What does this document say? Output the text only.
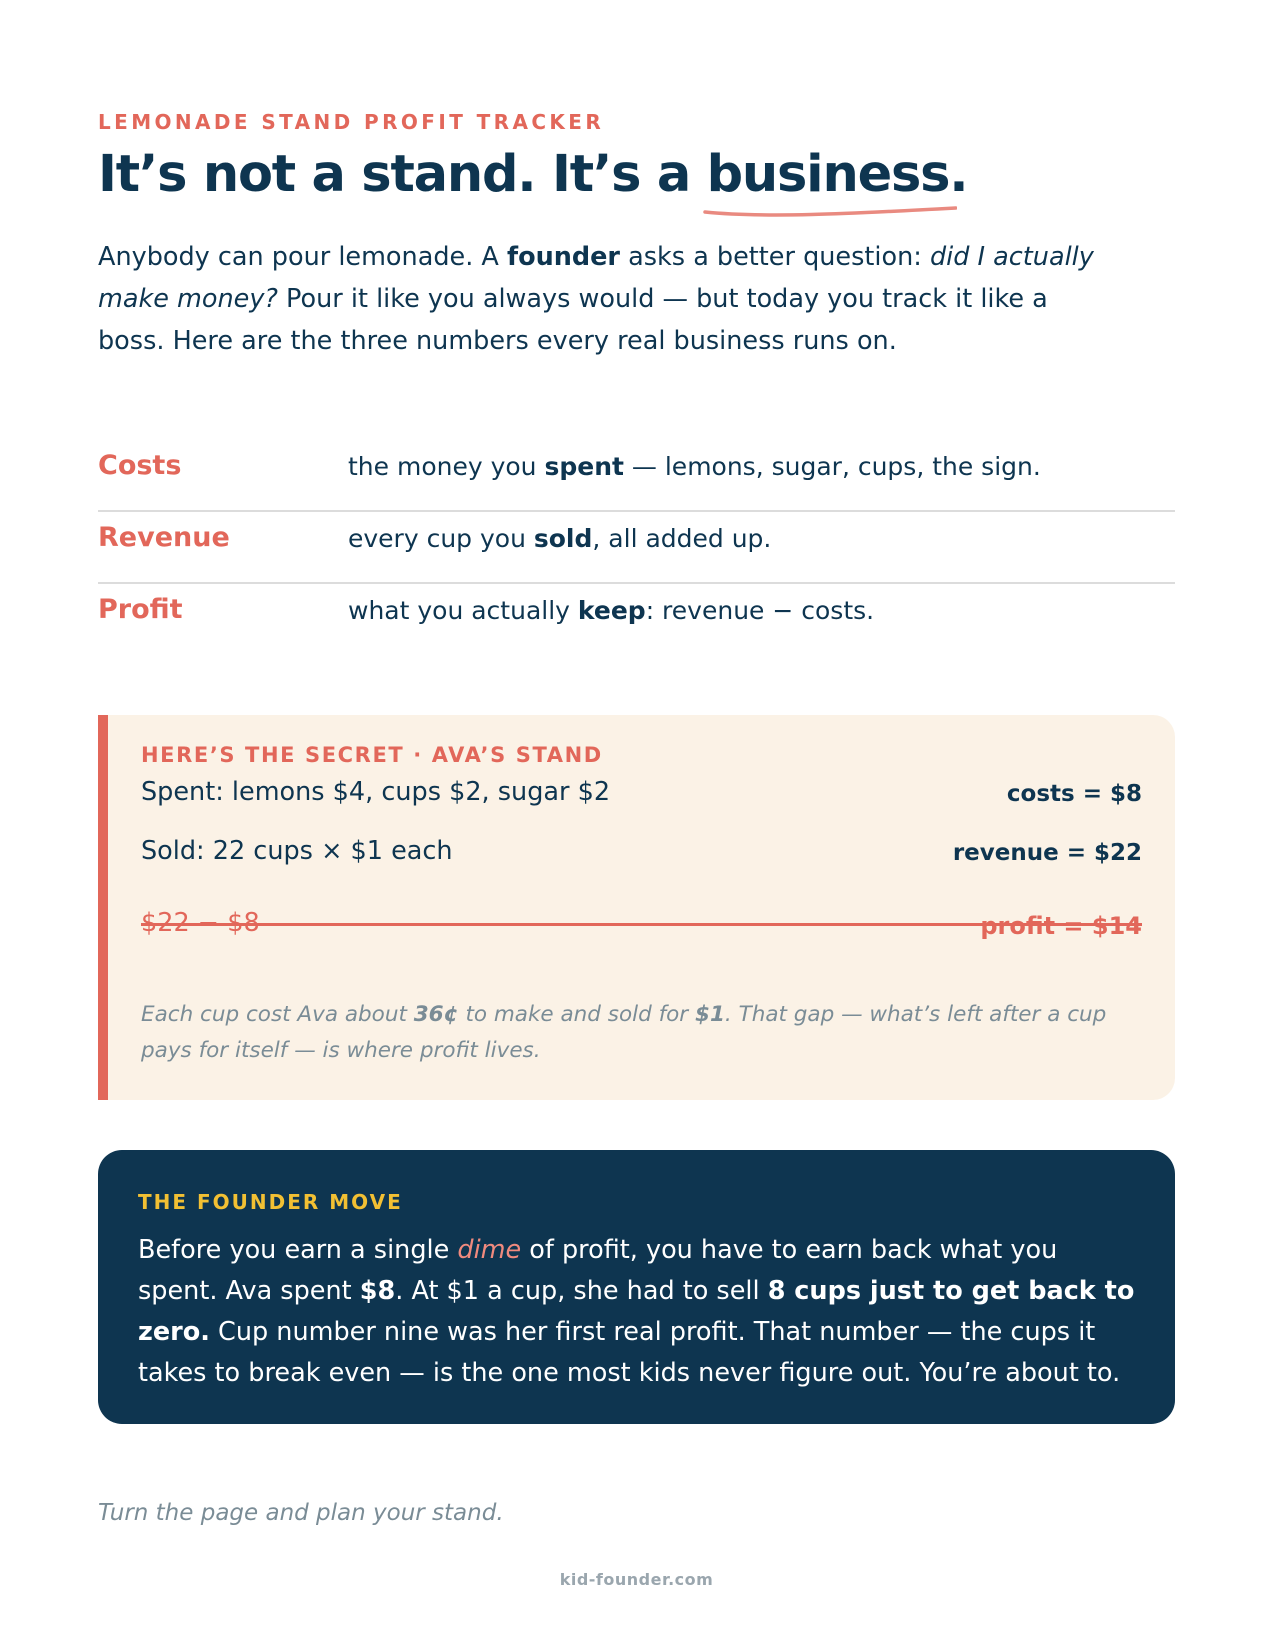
LEMONADE STAND PROFIT TRACKER
It’s not a stand. It’s a business
.

Anybody can pour lemonade. A founder asks a better question: did I actually make money? Pour it like you always would — but today you track it like a boss. Here are the three numbers every real business runs on.

Costs	the money you spent — lemons, sugar, cups, the sign.
Revenue	every cup you sold, all added up.
Profit	what you actually keep: revenue − costs.
HERE’S THE SECRET · AVA’S STAND
Spent: lemons $4, cups $2, sugar $2	costs = $8
Sold: 22 cups × $1 each	revenue = $22
$22 − $8	profit = $14

Each cup cost Ava about 36¢ to make and sold for $1. That gap — what’s left after a cup pays for itself — is where profit lives.

THE FOUNDER MOVE

Before you earn a single dime of profit, you have to earn back what you spent. Ava spent $8. At $1 a cup, she had to sell 8 cups just to get back to zero. Cup number nine was her first real profit. That number — the cups it takes to break even — is the one most kids never figure out. You’re about to.

Turn the page and plan your stand.
kid-founder.com
